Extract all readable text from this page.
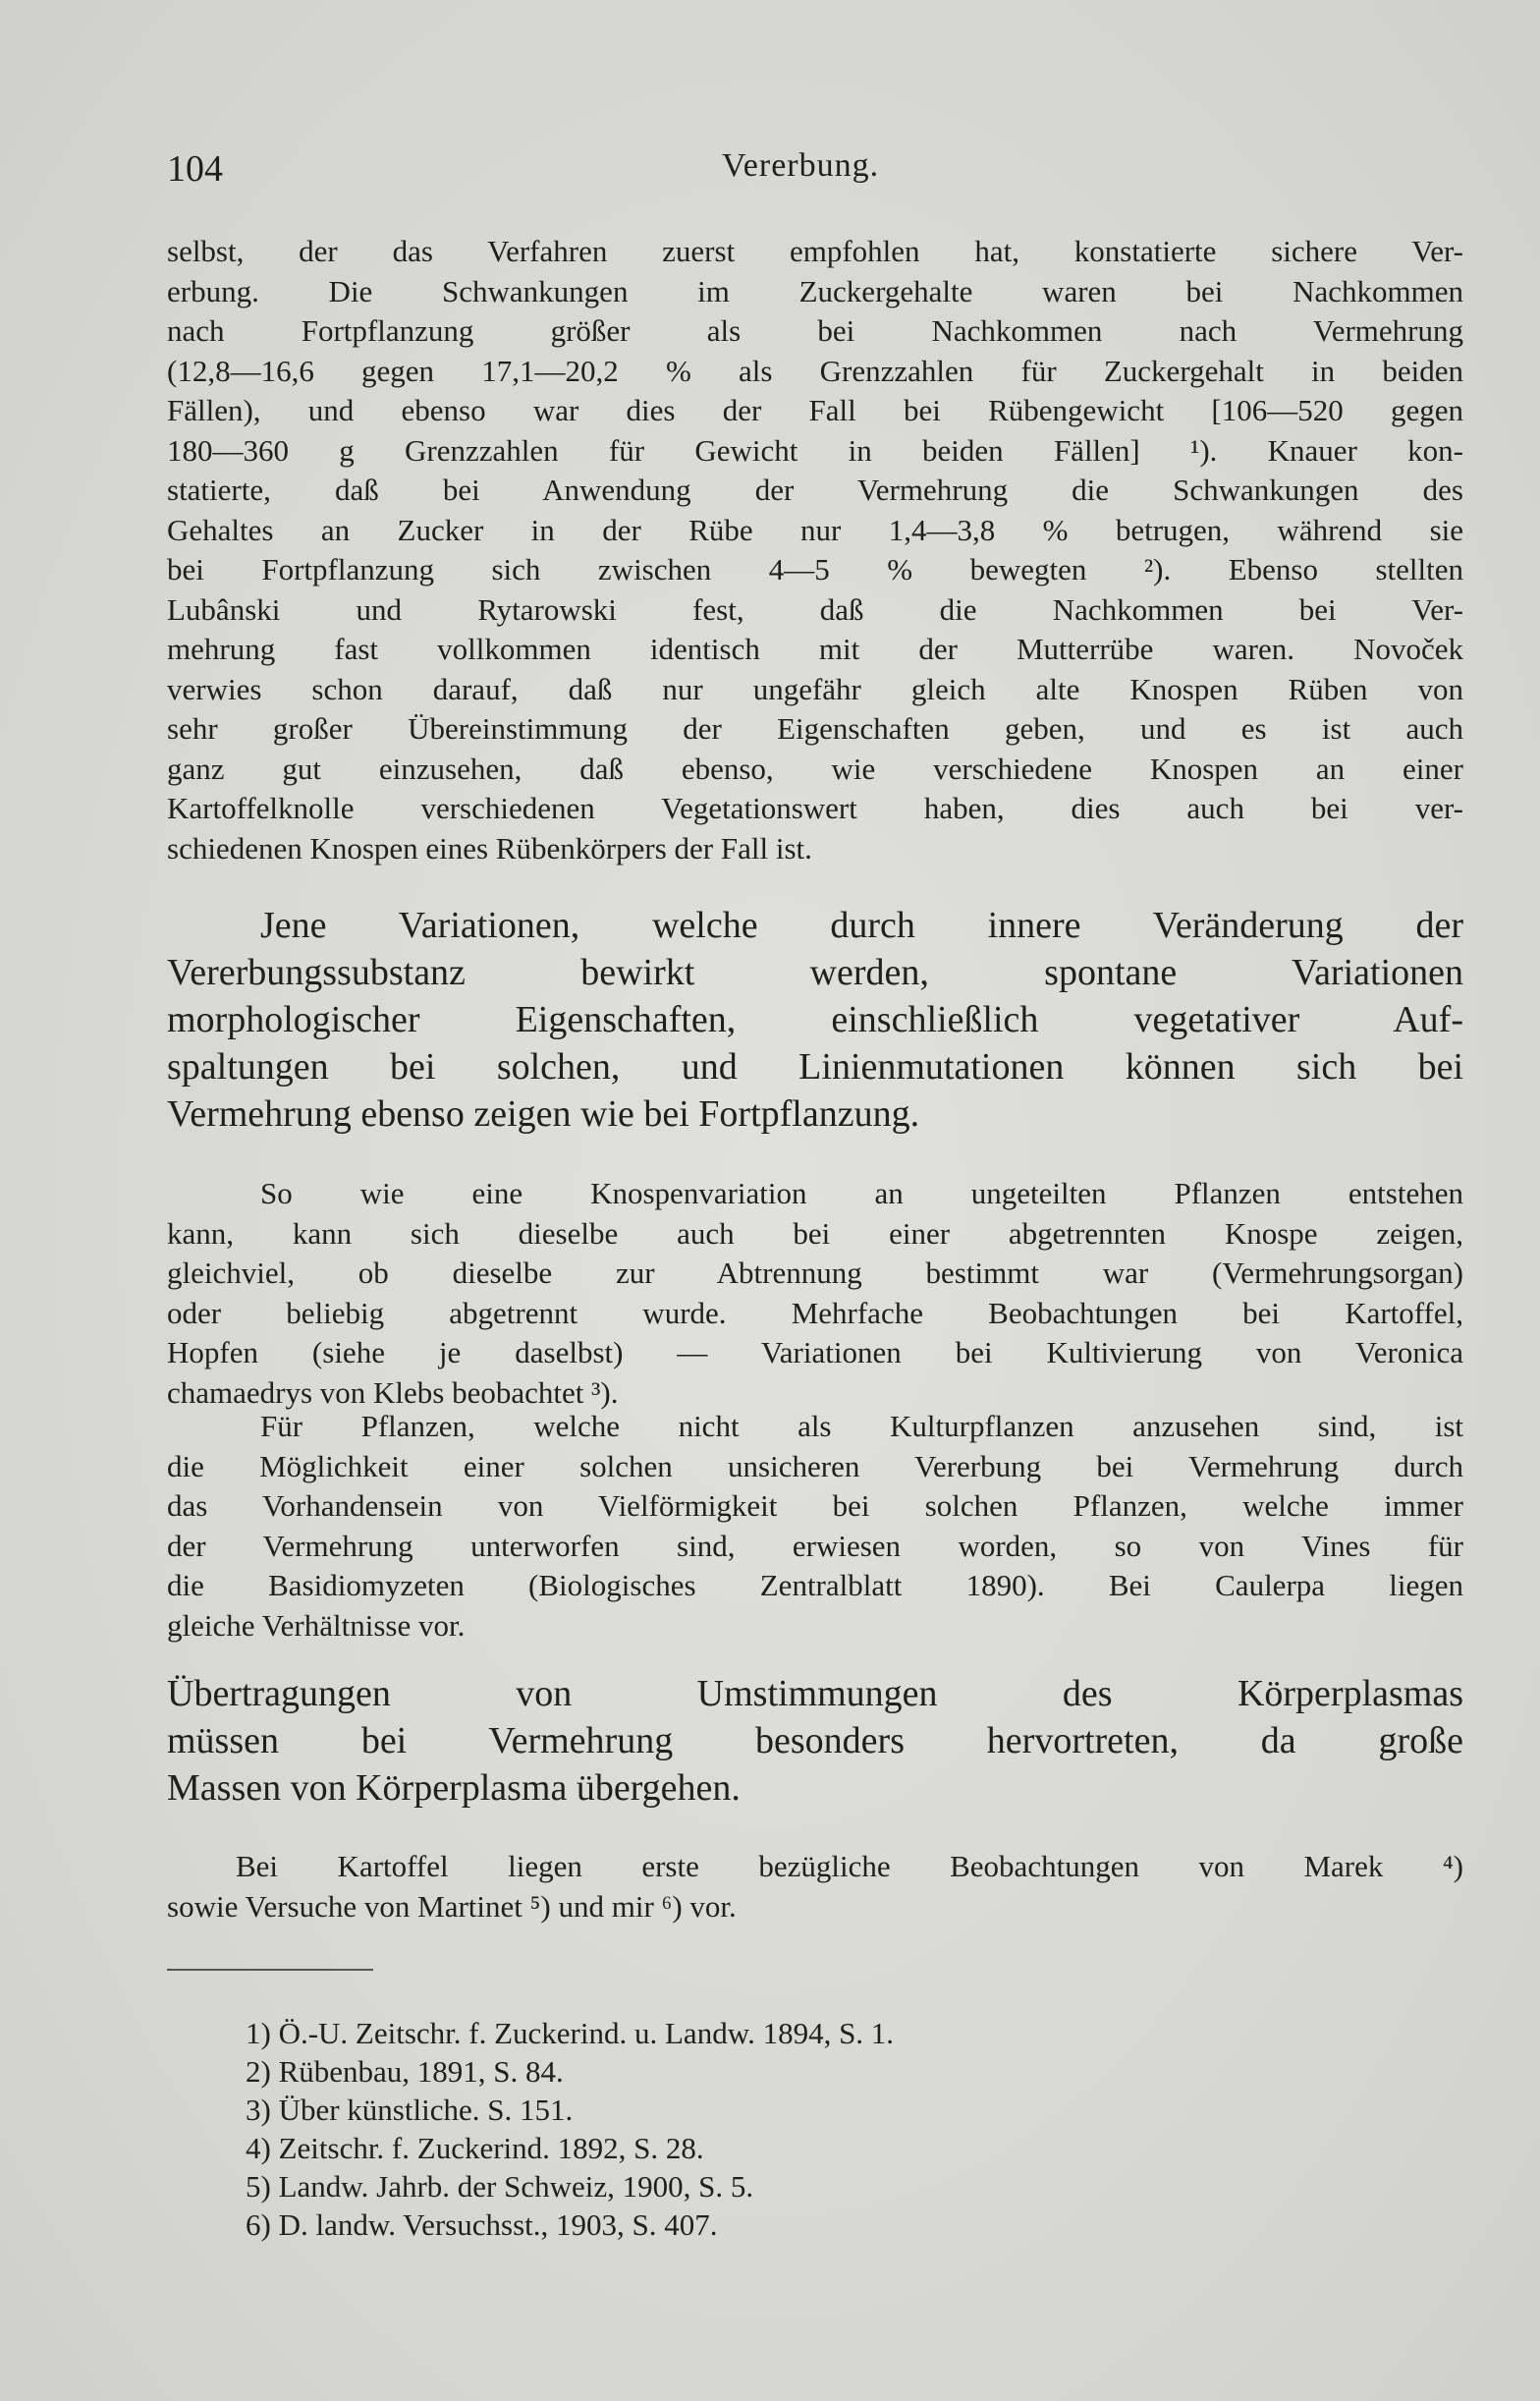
104	Vererbung.
selbst, der das Verfahren zuerst empfohlen hat, konstatierte sichere Ver-
erbung. Die Schwankungen im Zuckergehalte waren bei Nachkommen
nach Fortpflanzung größer als bei Nachkommen nach Vermehrung
(12,8—16,6 gegen 17,1—20,2 % als Grenzzahlen für Zuckergehalt in beiden
Fällen), und ebenso war dies der Fall bei Rübengewicht [106—520 gegen
180—360 g Grenzzahlen für Gewicht in beiden Fällen] ¹). Knauer kon-
statierte, daß bei Anwendung der Vermehrung die Schwankungen des
Gehaltes an Zucker in der Rübe nur 1,4—3,8 % betrugen, während sie
bei Fortpflanzung sich zwischen 4—5 % bewegten ²). Ebenso stellten
Lubânski und Rytarowski fest, daß die Nachkommen bei Ver-
mehrung fast vollkommen identisch mit der Mutterrübe waren. Novoček
verwies schon darauf, daß nur ungefähr gleich alte Knospen Rüben von
sehr großer Übereinstimmung der Eigenschaften geben, und es ist auch
ganz gut einzusehen, daß ebenso, wie verschiedene Knospen an einer
Kartoffelknolle verschiedenen Vegetationswert haben, dies auch bei ver-
schiedenen Knospen eines Rübenkörpers der Fall ist.
Jene Variationen, welche durch innere Veränderung der
Vererbungssubstanz bewirkt werden, spontane Variationen
morphologischer Eigenschaften, einschließlich vegetativer Auf-
spaltungen bei solchen, und Linienmutationen können sich bei
Vermehrung ebenso zeigen wie bei Fortpflanzung.
So wie eine Knospenvariation an ungeteilten Pflanzen entstehen
kann, kann sich dieselbe auch bei einer abgetrennten Knospe zeigen,
gleichviel, ob dieselbe zur Abtrennung bestimmt war (Vermehrungsorgan)
oder beliebig abgetrennt wurde. Mehrfache Beobachtungen bei Kartoffel,
Hopfen (siehe je daselbst) — Variationen bei Kultivierung von Veronica
chamaedrys von Klebs beobachtet ³).
Für Pflanzen, welche nicht als Kulturpflanzen anzusehen sind, ist
die Möglichkeit einer solchen unsicheren Vererbung bei Vermehrung durch
das Vorhandensein von Vielförmigkeit bei solchen Pflanzen, welche immer
der Vermehrung unterworfen sind, erwiesen worden, so von Vines für
die Basidiomyzeten (Biologisches Zentralblatt 1890). Bei Caulerpa liegen
gleiche Verhältnisse vor.
Übertragungen von Umstimmungen des Körperplasmas
müssen bei Vermehrung besonders hervortreten, da große
Massen von Körperplasma übergehen.
Bei Kartoffel liegen erste bezügliche Beobachtungen von Marek ⁴)
sowie Versuche von Martinet ⁵) und mir ⁶) vor.
1) Ö.-U. Zeitschr. f. Zuckerind. u. Landw. 1894, S. 1.
2) Rübenbau, 1891, S. 84.
3) Über künstliche. S. 151.
4) Zeitschr. f. Zuckerind. 1892, S. 28.
5) Landw. Jahrb. der Schweiz, 1900, S. 5.
6) D. landw. Versuchsst., 1903, S. 407.
